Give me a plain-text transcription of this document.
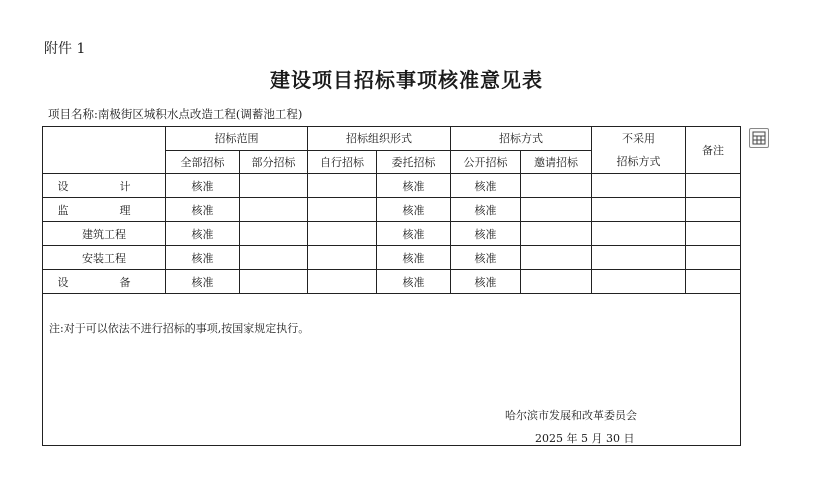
附件 1
建设项目招标事项核准意见表
项目名称:南极街区城积水点改造工程(调蓄池工程)
	招标范围		招标组织形式		招标方式		不采用
招标方式	备注
	全部招标	部分招标	自行招标	委托招标	公开招标	邀请招标		
设　计	核准			核准	核准			
监　理	核准			核准	核准			
建筑工程	核准			核准	核准			
安装工程	核准			核准	核准			
设　备	核准			核准	核准			

注:对于可以依法不进行招标的事项,按国家规定执行。
哈尔滨市发展和改革委员会
2025 年 5 月 30 日								
